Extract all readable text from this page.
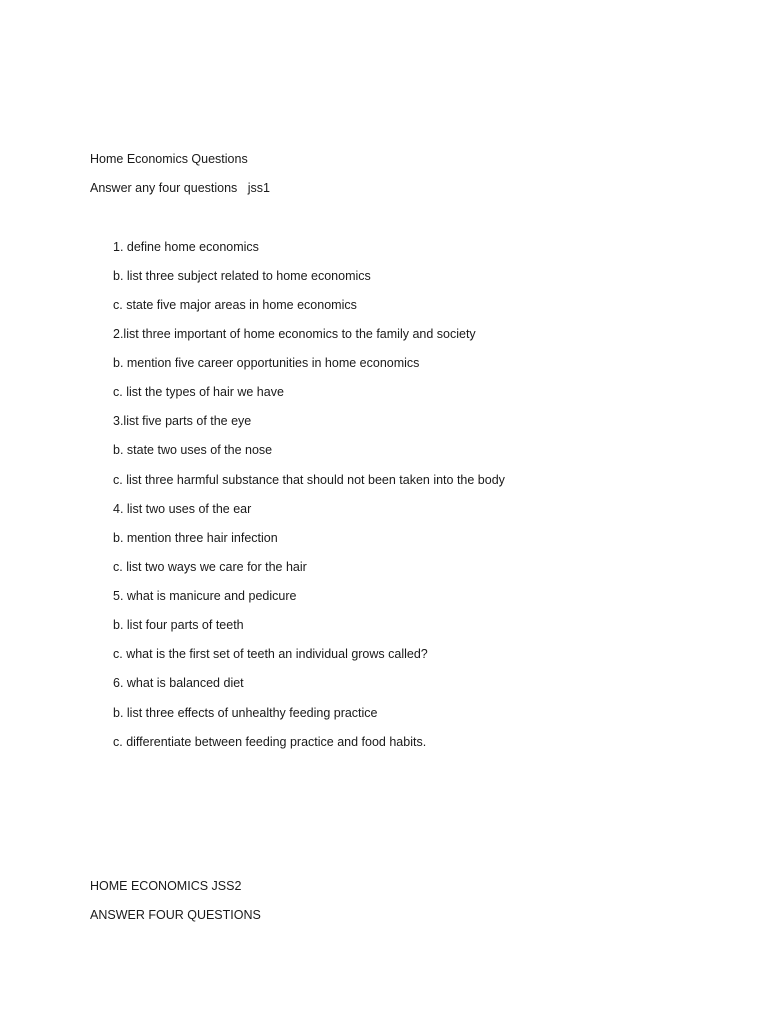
Home Economics Questions
Answer any four questions   jss1
1. define home economics
b. list three subject related to home economics
c. state five major areas in home economics
2.list three important of home economics to the family and society
b. mention five career opportunities in home economics
c. list the types of hair we have
3.list five parts of the eye
b. state two uses of the nose
c. list three harmful substance that should not been taken into the body
4. list two uses of the ear
b. mention three hair infection
c. list two ways we care for the hair
5. what is manicure and pedicure
b. list four parts of teeth
c. what is the first set of teeth an individual grows called?
6. what is balanced diet
b. list three effects of unhealthy feeding practice
c. differentiate between feeding practice and food habits.
HOME ECONOMICS JSS2
ANSWER FOUR QUESTIONS
